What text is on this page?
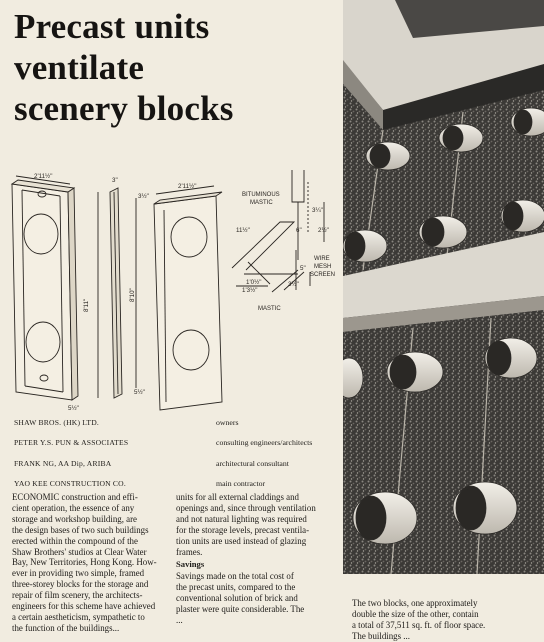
Precast units
ventilate
scenery blocks
2'11½"
2'11½"
3"
3½"
8'11"
8'10"
5½"
5½"
11½"	6"
3¼"
2½"
1'0½"
1'3½"
5"
3½"
BITUMINOUS
MASTIC
WIRE
MESH
SCREEN
MASTIC
SHAW BROS. (HK) LTD.	owners
PETER Y.S. PUN & ASSOCIATES	consulting engineers/architects
FRANK NG, AA Dip, ARIBA	architectural consultant
YAO KEE CONSTRUCTION CO.	main contractor
ECONOMIC construction and effi-
cient operation, the essence of any
storage and workshop building, are
the design bases of two such buildings
erected within the compound of the
Shaw Brothers' studios at Clear Water
Bay, New Territories, Hong Kong. How-
ever in providing two simple, framed
three-storey blocks for the storage and
repair of film scenery, the architects-
engineers for this scheme have achieved
a certain aestheticism, sympathetic to
the function of the buildings...
units for all external claddings and
openings and, since through ventilation
and not natural lighting was required
for the storage levels, precast ventila-
tion units are used instead of glazing
frames.
Savings
Savings made on the total cost of
the precast units, compared to the
conventional solution of brick and
plaster were quite considerable. The
...
The two blocks, one approximately
double the size of the other, contain
a total of 37,511 sq. ft. of floor space.
The buildings ...
